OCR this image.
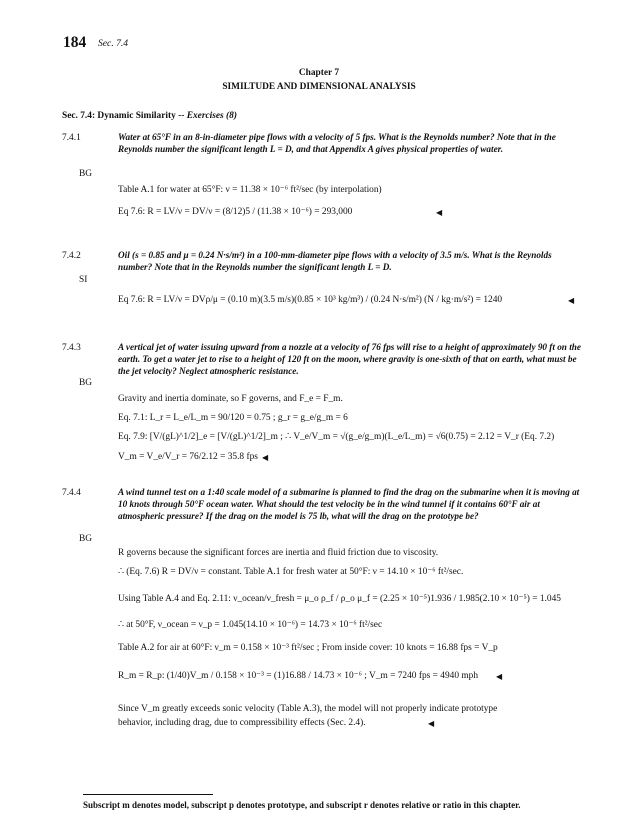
184 Sec. 7.4
Chapter 7
SIMILTUDE AND DIMENSIONAL ANALYSIS
Sec. 7.4: Dynamic Similarity -- Exercises (8)
7.4.1	Water at 65°F in an 8-in-diameter pipe flows with a velocity of 5 fps. What is the Reynolds number? Note that in the Reynolds number the significant length L = D, and that Appendix A gives physical properties of water.
BG
Table A.1 for water at 65°F: ν = 11.38 × 10⁻⁶ ft²/sec (by interpolation)
Eq 7.6: R = LV/ν = DV/ν = (8/12)5 / (11.38 × 10⁻⁶) = 293,000	◀
7.4.2	Oil (s = 0.85 and μ = 0.24 N·s/m²) in a 100-mm-diameter pipe flows with a velocity of 3.5 m/s. What is the Reynolds number? Note that in the Reynolds number the significant length L = D.
SI
Eq 7.6: R = LV/ν = DVρ/μ = (0.10 m)(3.5 m/s)(0.85 × 10³ kg/m³) / (0.24 N·s/m²) (N / kg·m/s²) = 1240	◀
7.4.3	A vertical jet of water issuing upward from a nozzle at a velocity of 76 fps will rise to a height of approximately 90 ft on the earth. To get a water jet to rise to a height of 120 ft on the moon, where gravity is one-sixth of that on earth, what must be the jet velocity? Neglect atmospheric resistance.
BG
Gravity and inertia dominate, so F governs, and F_e = F_m.
Eq. 7.1: L_r = L_e/L_m = 90/120 = 0.75 ; g_r = g_e/g_m = 6
Eq. 7.9: [V/(gL)^1/2]_e = [V/(gL)^1/2]_m ; ∴ V_e/V_m = √(g_e/g_m)(L_e/L_m) = √6(0.75) = 2.12 = V_r (Eq. 7.2)
V_m = V_e/V_r = 76/2.12 = 35.8 fps ◀
7.4.4	A wind tunnel test on a 1:40 scale model of a submarine is planned to find the drag on the submarine when it is moving at 10 knots through 50°F ocean water. What should the test velocity be in the wind tunnel if it contains 60°F air at atmospheric pressure? If the drag on the model is 75 lb, what will the drag on the prototype be?
BG
R governs because the significant forces are inertia and fluid friction due to viscosity.
∴ (Eq. 7.6) R = DV/ν = constant. Table A.1 for fresh water at 50°F: ν = 14.10 × 10⁻⁶ ft²/sec.
Using Table A.4 and Eq. 2.11: ν_ocean/ν_fresh = μ_o ρ_f / ρ_o μ_f = (2.25 × 10⁻⁵)1.936 / 1.985(2.10 × 10⁻⁵) = 1.045
∴ at 50°F, ν_ocean = ν_p = 1.045(14.10 × 10⁻⁶) = 14.73 × 10⁻⁶ ft²/sec
Table A.2 for air at 60°F: ν_m = 0.158 × 10⁻³ ft²/sec ; From inside cover: 10 knots = 16.88 fps = V_p
R_m = R_p: (1/40)V_m / 0.158 × 10⁻³ = (1)16.88 / 14.73 × 10⁻⁶ ; V_m = 7240 fps = 4940 mph	◀
Since V_m greatly exceeds sonic velocity (Table A.3), the model will not properly indicate prototype
behavior, including drag, due to compressibility effects (Sec. 2.4).	◀
Subscript m denotes model, subscript p denotes prototype, and subscript r denotes relative or ratio in this chapter.
